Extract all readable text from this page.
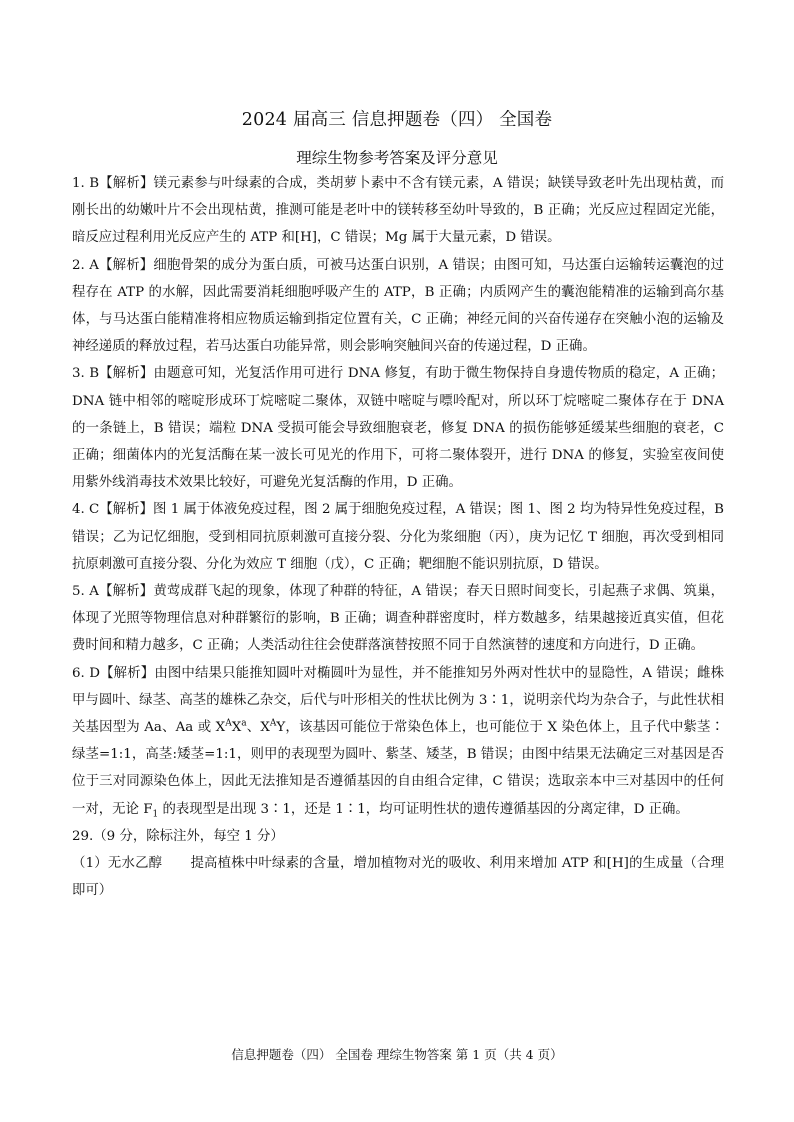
2024 届高三 信息押题卷（四） 全国卷
理综生物参考答案及评分意见

1. B【解析】镁元素参与叶绿素的合成，类胡萝卜素中不含有镁元素，A 错误；缺镁导致老叶先出现枯黄，而刚长出的幼嫩叶片不会出现枯黄，推测可能是老叶中的镁转移至幼叶导致的，B 正确；光反应过程固定光能，暗反应过程利用光反应产生的 ATP 和[H]，C 错误；Mg 属于大量元素，D 错误。

2. A【解析】细胞骨架的成分为蛋白质，可被马达蛋白识别，A 错误；由图可知，马达蛋白运输转运囊泡的过程存在 ATP 的水解，因此需要消耗细胞呼吸产生的 ATP，B 正确；内质网产生的囊泡能精准的运输到高尔基体，与马达蛋白能精准将相应物质运输到指定位置有关，C 正确；神经元间的兴奋传递存在突触小泡的运输及神经递质的释放过程，若马达蛋白功能异常，则会影响突触间兴奋的传递过程，D 正确。

3. B【解析】由题意可知，光复活作用可进行 DNA 修复，有助于微生物保持自身遗传物质的稳定，A 正确；DNA 链中相邻的嘧啶形成环丁烷嘧啶二聚体，双链中嘧啶与嘌呤配对，所以环丁烷嘧啶二聚体存在于 DNA 的一条链上，B 错误；端粒 DNA 受损可能会导致细胞衰老，修复 DNA 的损伤能够延缓某些细胞的衰老，C 正确；细菌体内的光复活酶在某一波长可见光的作用下，可将二聚体裂开，进行 DNA 的修复，实验室夜间使用紫外线消毒技术效果比较好，可避免光复活酶的作用，D 正确。

4. C【解析】图 1 属于体液免疫过程，图 2 属于细胞免疫过程，A 错误；图 1、图 2 均为特异性免疫过程，B 错误；乙为记忆细胞，受到相同抗原刺激可直接分裂、分化为浆细胞（丙），庚为记忆 T 细胞，再次受到相同抗原刺激可直接分裂、分化为效应 T 细胞（戊），C 正确；靶细胞不能识别抗原，D 错误。

5. A【解析】黄莺成群飞起的现象，体现了种群的特征，A 错误；春天日照时间变长，引起燕子求偶、筑巢，体现了光照等物理信息对种群繁衍的影响，B 正确；调查种群密度时，样方数越多，结果越接近真实值，但花费时间和精力越多，C 正确；人类活动往往会使群落演替按照不同于自然演替的速度和方向进行，D 正确。

6. D【解析】由图中结果只能推知圆叶对椭圆叶为显性，并不能推知另外两对性状中的显隐性，A 错误；雌株甲与圆叶、绿茎、高茎的雄株乙杂交，后代与叶形相关的性状比例为 3∶1，说明亲代均为杂合子，与此性状相关基因型为 Aa、Aa 或 $X^AX^a$、$X^AY$，该基因可能位于常染色体上，也可能位于 X 染色体上，且子代中紫茎∶绿茎=1:1，高茎:矮茎=1:1，则甲的表现型为圆叶、紫茎、矮茎，B 错误；由图中结果无法确定三对基因是否位于三对同源染色体上，因此无法推知是否遵循基因的自由组合定律，C 错误；选取亲本中三对基因中的任何一对，无论 $F_1$ 的表现型是出现 3∶1，还是 1∶1，均可证明性状的遗传遵循基因的分离定律，D 正确。

29.（9 分，除标注外，每空 1 分）

（1）无水乙醇 提高植株中叶绿素的含量，增加植物对光的吸收、利用来增加 ATP 和[H]的生成量（合理即可）

信息押题卷（四） 全国卷 理综生物答案 第 1 页（共 4 页）
